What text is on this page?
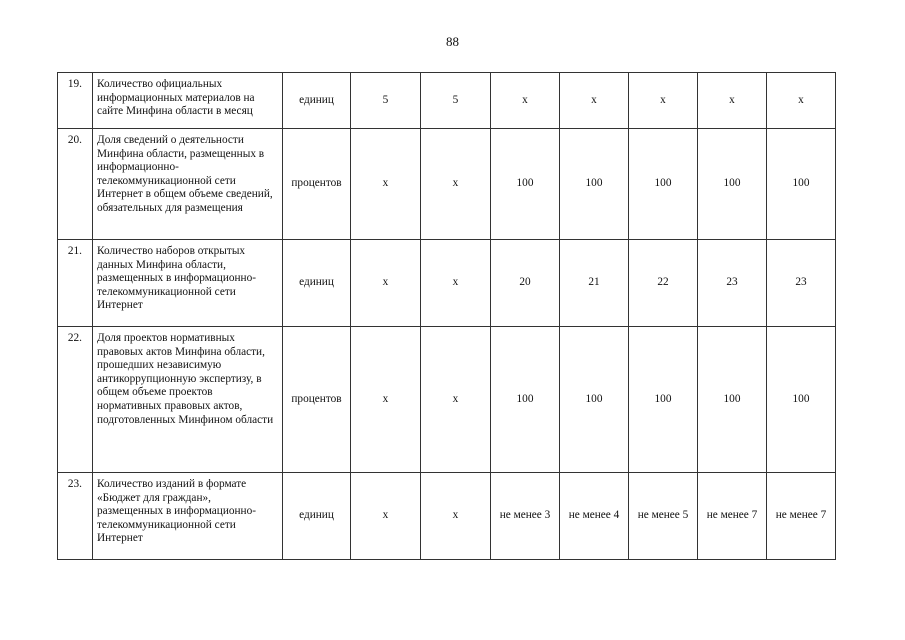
88
19.	Количество официальных информационных материалов на сайте Минфина области в месяц	единиц	5	5	x	x	x	x	x
20.	Доля сведений о деятельности Минфина области, размещенных в информационно-телекоммуникационной сети Интернет в общем объеме сведений, обязательных для размещения	процентов	x	x	100	100	100	100	100
21.	Количество наборов открытых данных Минфина области, размещенных в информационно-телекоммуникационной сети Интернет	единиц	x	x	20	21	22	23	23
22.	Доля проектов нормативных правовых актов Минфина области, прошедших независимую антикоррупционную экспертизу, в общем объеме проектов нормативных правовых актов, подготовленных Минфином области	процентов	x	x	100	100	100	100	100
23.	Количество изданий в формате «Бюджет для граждан», размещенных в информационно-телекоммуникационной сети Интернет	единиц	x	x	не менее 3	не менее 4	не менее 5	не менее 7	не менее 7
